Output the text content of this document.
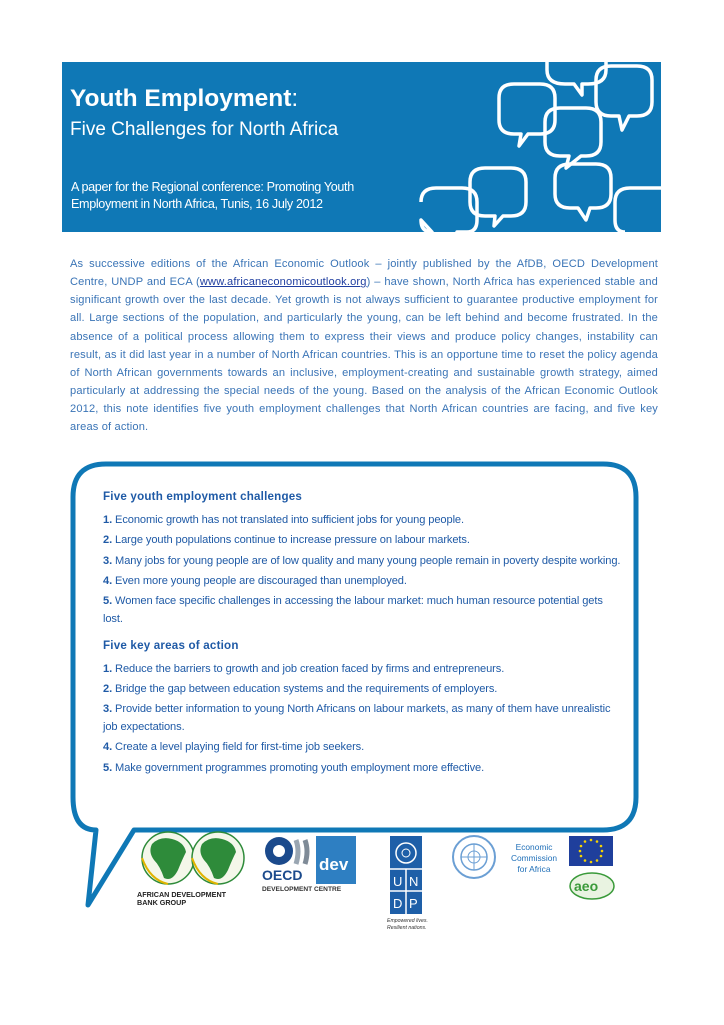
Youth Employment:
Five Challenges for North Africa
A paper for the Regional conference: Promoting Youth Employment in North Africa, Tunis, 16 July 2012
As successive editions of the African Economic Outlook – jointly published by the AfDB, OECD Development Centre, UNDP and ECA (www.africaneconomicoutlook.org) – have shown, North Africa has experienced stable and significant growth over the last decade. Yet growth is not always sufficient to guarantee productive employment for all. Large sections of the population, and particularly the young, can be left behind and become frustrated. In the absence of a political process allowing them to express their views and produce policy changes, instability can result, as it did last year in a number of North African countries. This is an opportune time to reset the policy agenda of North African governments towards an inclusive, employment-creating and sustainable growth strategy, aimed particularly at addressing the special needs of the young. Based on the analysis of the African Economic Outlook 2012, this note identifies five youth employment challenges that North African countries are facing, and five key areas of action.
Five youth employment challenges
1. Economic growth has not translated into sufficient jobs for young people.
2. Large youth populations continue to increase pressure on labour markets.
3. Many jobs for young people are of low quality and many young people remain in poverty despite working.
4. Even more young people are discouraged than unemployed.
5. Women face specific challenges in accessing the labour market: much human resource potential gets lost.
Five key areas of action
1. Reduce the barriers to growth and job creation faced by firms and entrepreneurs.
2. Bridge the gap between education systems and the requirements of employers.
3. Provide better information to young North Africans on labour markets, as many of them have unrealistic job expectations.
4. Create a level playing field for first-time job seekers.
5. Make government programmes promoting youth employment more effective.
dev
OECD
DEVELOPMENT CENTRE
U N
D P
Empowered lives.
Resilient nations.
aeo
AFRICAN DEVELOPMENT
BANK GROUP
Economic
Commission
for Africa
